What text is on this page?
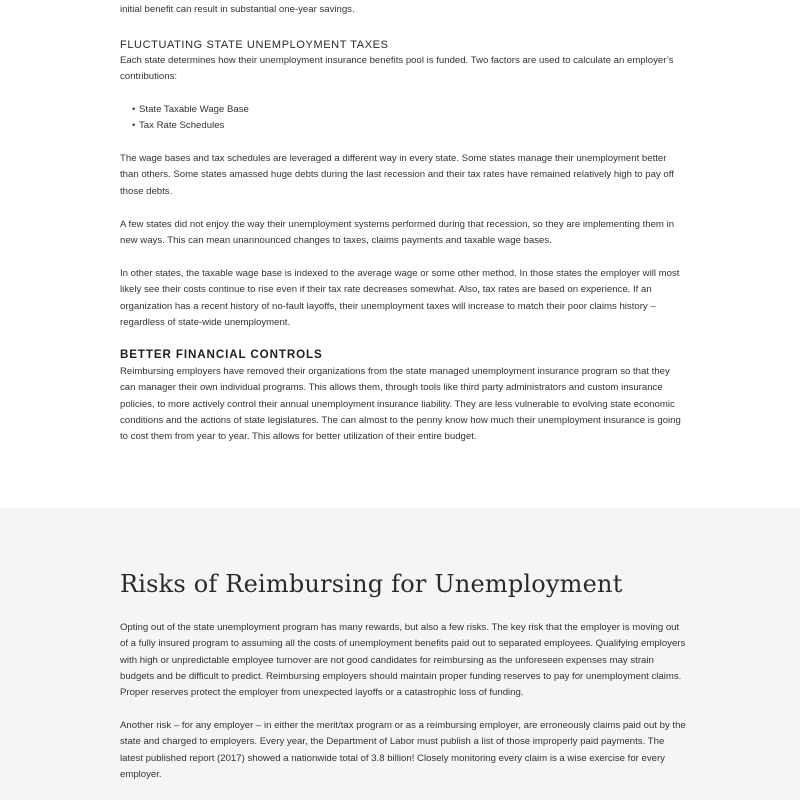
initial benefit can result in substantial one-year savings.

FLUCTUATING STATE UNEMPLOYMENT TAXES

Each state determines how their unemployment insurance benefits pool is funded. Two factors are used to calculate an employer’s contributions:

• State Taxable Wage Base
• Tax Rate Schedules

The wage bases and tax schedules are leveraged a different way in every state. Some states manage their unemployment better than others. Some states amassed huge debts during the last recession and their tax rates have remained relatively high to pay off those debts.

A few states did not enjoy the way their unemployment systems performed during that recession, so they are implementing them in new ways. This can mean unannounced changes to taxes, claims payments and taxable wage bases.

In other states, the taxable wage base is indexed to the average wage or some other method. In those states the employer will most likely see their costs continue to rise even if their tax rate decreases somewhat. Also, tax rates are based on experience. If an organization has a recent history of no-fault layoffs, their unemployment taxes will increase to match their poor claims history – regardless of state-wide unemployment.

BETTER FINANCIAL CONTROLS

Reimbursing employers have removed their organizations from the state managed unemployment insurance program so that they can manager their own individual programs. This allows them, through tools like third party administrators and custom insurance policies, to more actively control their annual unemployment insurance liability. They are less vulnerable to evolving state economic conditions and the actions of state legislatures. The can almost to the penny know how much their unemployment insurance is going to cost them from year to year. This allows for better utilization of their entire budget.

Risks of Reimbursing for Unemployment

Opting out of the state unemployment program has many rewards, but also a few risks. The key risk that the employer is moving out of a fully insured program to assuming all the costs of unemployment benefits paid out to separated employees. Qualifying employers with high or unpredictable employee turnover are not good candidates for reimbursing as the unforeseen expenses may strain budgets and be difficult to predict. Reimbursing employers should maintain proper funding reserves to pay for unemployment claims. Proper reserves protect the employer from unexpected layoffs or a catastrophic loss of funding.

Another risk – for any employer – in either the merit/tax program or as a reimbursing employer, are erroneously claims paid out by the state and charged to employers. Every year, the Department of Labor must publish a list of those improperly paid payments. The latest published report (2017) showed a nationwide total of 3.8 billion! Closely monitoring every claim is a wise exercise for every employer.
